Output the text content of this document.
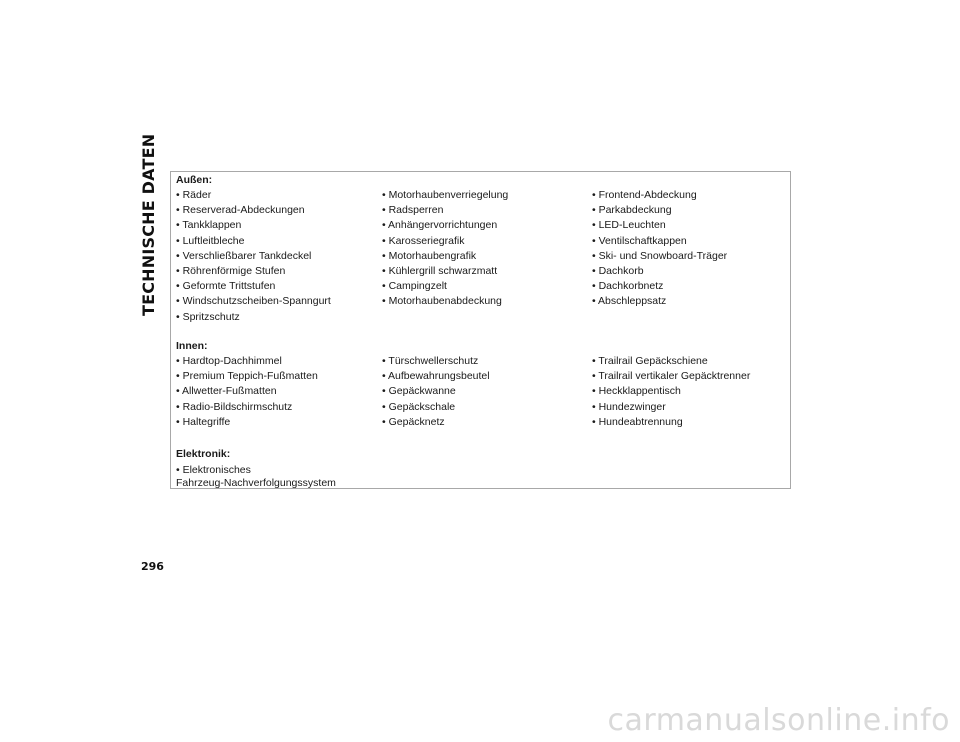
TECHNISCHE DATEN Außen:
• Räder	• Motorhaubenverriegelung	• Frontend-Abdeckung
• Reserverad-Abdeckungen	• Radsperren	• Parkabdeckung
• Tankklappen	• Anhängervorrichtungen	• LED-Leuchten
• Luftleitbleche	• Karosseriegrafik	• Ventilschaftkappen
• Verschließbarer Tankdeckel	• Motorhaubengrafik	• Ski- und Snowboard-Träger
• Röhrenförmige Stufen	• Kühlergrill schwarzmatt	• Dachkorb
• Geformte Trittstufen	• Campingzelt	• Dachkorbnetz
• Windschutzscheiben-Spanngurt	• Motorhaubenabdeckung	• Abschleppsatz
• Spritzschutz
Innen:
• Hardtop-Dachhimmel	• Türschwellerschutz	• Trailrail Gepäckschiene
• Premium Teppich-Fußmatten	• Aufbewahrungsbeutel	• Trailrail vertikaler Gepäcktrenner
• Allwetter-Fußmatten	• Gepäckwanne	• Heckklappentisch
• Radio-Bildschirmschutz	• Gepäckschale	• Hundezwinger
• Haltegriffe	• Gepäcknetz	• Hundeabtrennung
Elektronik:
• Elektronisches
Fahrzeug-Nachverfolgungssystem
296
carmanualsonline.info
